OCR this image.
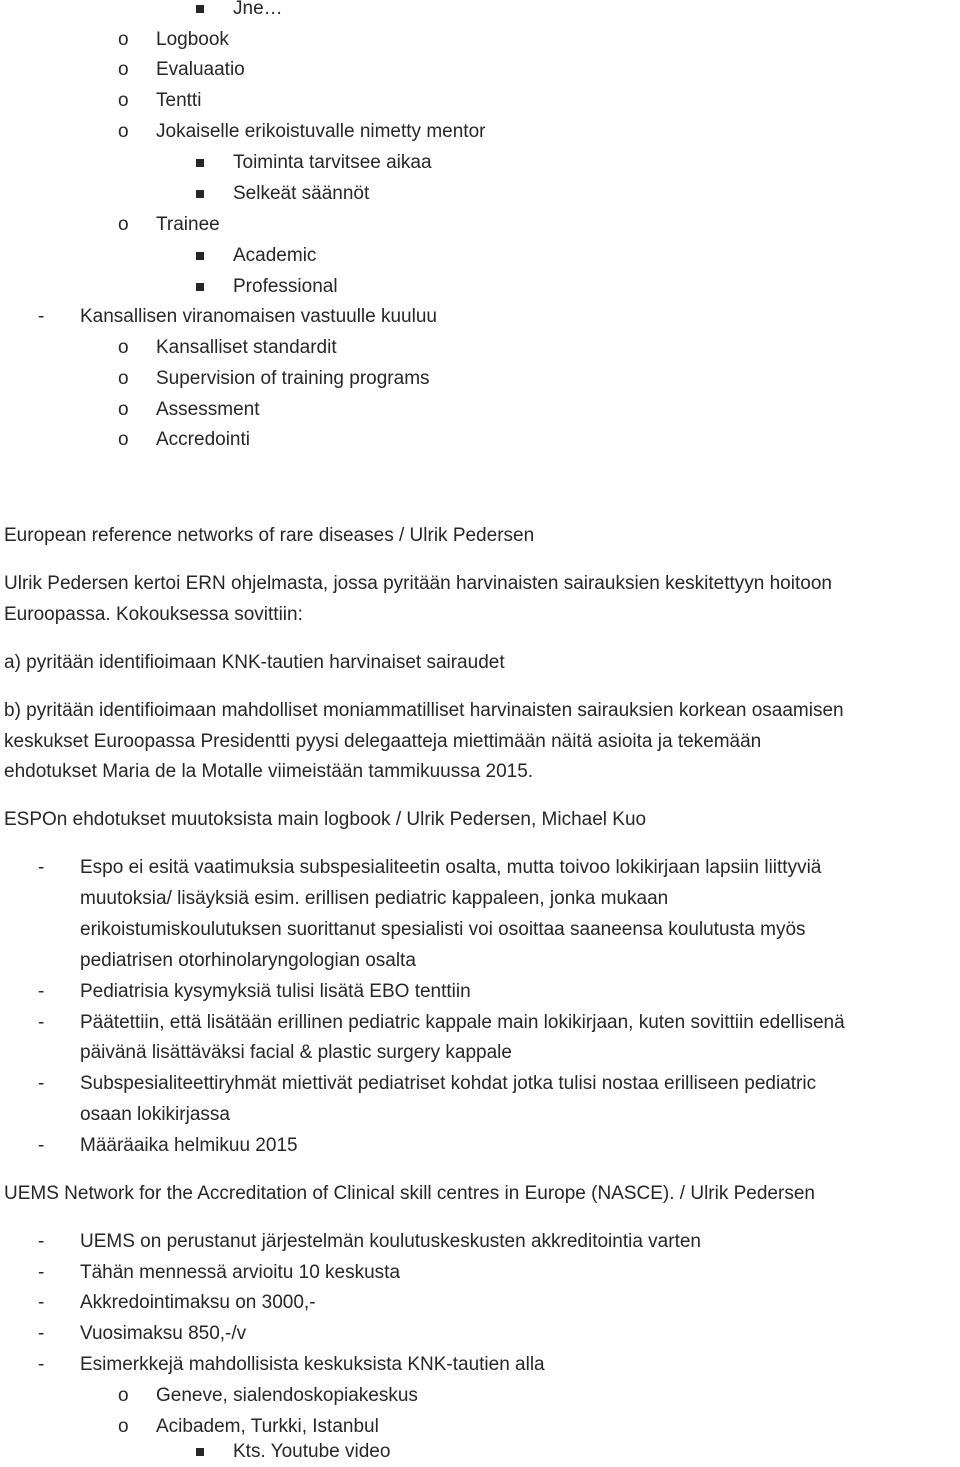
Jne…
o Logbook
o Evaluaatio
o Tentti
o Jokaiselle erikoistuvalle nimetty mentor
Toiminta tarvitsee aikaa
Selkeät säännöt
o Trainee
Academic
Professional
- Kansallisen viranomaisen vastuulle kuuluu
o Kansalliset standardit
o Supervision of training programs
o Assessment
o Accredointi
European reference networks of rare diseases / Ulrik Pedersen
Ulrik Pedersen kertoi ERN ohjelmasta, jossa pyritään harvinaisten sairauksien keskitettyyn hoitoon
Euroopassa. Kokouksessa sovittiin:
a) pyritään identifioimaan KNK-tautien harvinaiset sairaudet
b) pyritään identifioimaan mahdolliset moniammatilliset harvinaisten sairauksien korkean osaamisen
keskukset Euroopassa Presidentti pyysi delegaatteja miettimään näitä asioita ja tekemään
ehdotukset Maria de la Motalle viimeistään tammikuussa 2015.
ESPOn ehdotukset muutoksista main logbook / Ulrik Pedersen, Michael Kuo
- Espo ei esitä vaatimuksia subspesialiteetin osalta, mutta toivoo lokikirjaan lapsiin liittyviä
muutoksia/ lisäyksiä esim. erillisen pediatric kappaleen, jonka mukaan
erikoistumiskoulutuksen suorittanut spesialisti voi osoittaa saaneensa koulutusta myös
pediatrisen otorhinolaryngologian osalta
- Pediatrisia kysymyksiä tulisi lisätä EBO tenttiin
- Päätettiin, että lisätään erillinen pediatric kappale main lokikirjaan, kuten sovittiin edellisenä
päivänä lisättäväksi facial & plastic surgery kappale
- Subspesialiteettiryhmät miettivät pediatriset kohdat jotka tulisi nostaa erilliseen pediatric
osaan lokikirjassa
- Määräaika helmikuu 2015
UEMS Network for the Accreditation of Clinical skill centres in Europe (NASCE). / Ulrik Pedersen
- UEMS on perustanut järjestelmän koulutuskeskusten akkreditointia varten
- Tähän mennessä arvioitu 10 keskusta
- Akkredointimaksu on 3000,-
- Vuosimaksu 850,-/v
- Esimerkkejä mahdollisista keskuksista KNK-tautien alla
o Geneve, sialendoskopiakeskus
o Acibadem, Turkki, Istanbul
Kts. Youtube video
